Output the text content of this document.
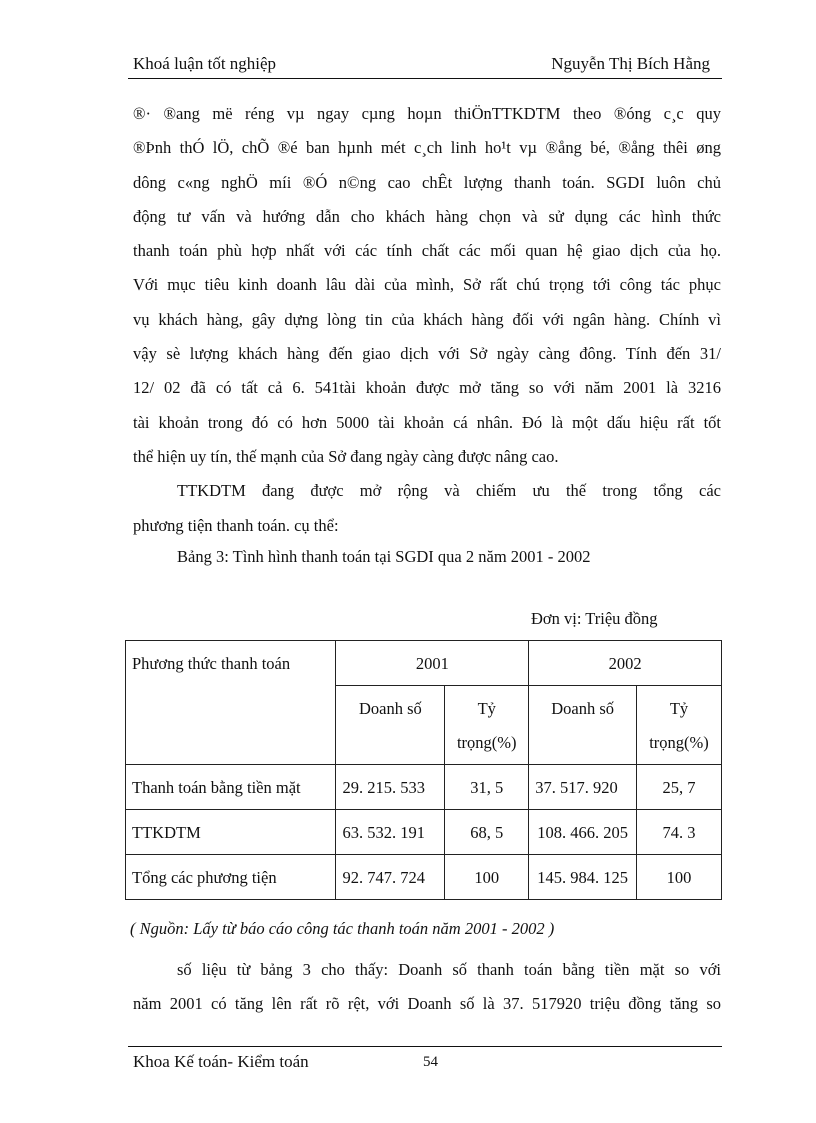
Khoá luận tốt nghiệp	Nguyễn Thị Bích Hằng
®· ®ang më réng vµ ngay cµng hoµn thiÖnTTKDTM theo ®óng c¸c quy
®Þnh thÓ lÖ, chÕ ®é ban hµnh mét c¸ch linh ho¹t vµ ®ång bé, ®ång thêi øng
dông c«ng nghÖ míi ®Ó n©ng cao chÊt lượng thanh toán. SGDI luôn chủ
động tư vấn và hướng dẫn cho khách hàng chọn và sử dụng các hình thức
thanh toán phù hợp nhất với các tính chất các mối quan hệ giao dịch của họ.
Với mục tiêu kinh doanh lâu dài của mình, Sở rất chú trọng tới công tác phục
vụ khách hàng, gây dựng lòng tin của khách hàng đối với ngân hàng. Chính vì
vậy sè lượng khách hàng đến giao dịch với Sở ngày càng đông. Tính đến 31/
12/ 02 đã có tất cả 6. 541tài khoản được mở tăng so với năm 2001 là 3216
tài khoản trong đó có hơn 5000 tài khoản cá nhân. Đó là một dấu hiệu rất tốt
thể hiện uy tín, thế mạnh của Sở đang ngày càng được nâng cao.
TTKDTM đang được mở rộng và chiếm ưu thế trong tổng các
phương tiện thanh toán. cụ thể:
Bảng 3: Tình hình thanh toán tại SGDI qua 2 năm 2001 - 2002
Đơn vị: Triệu đồng
Phương thức thanh toán	2001		2002	
	Doanh số	Tỷ trọng(%)	Doanh số	Tỷ trọng(%)
Thanh toán bằng tiền mặt	29. 215. 533	31, 5	37. 517. 920	25, 7
TTKDTM	63. 532. 191	68, 5	108. 466. 205	74. 3
Tổng các phương tiện	92. 747. 724	100	145. 984. 125	100
( Nguồn: Lấy từ báo cáo công tác thanh toán năm 2001 - 2002 )
số liệu từ bảng 3 cho thấy: Doanh số thanh toán bằng tiền mặt so với
năm 2001 có tăng lên rất rõ rệt, với Doanh số là 37. 517920 triệu đồng tăng so
Khoa Kế toán- Kiểm toán	54
